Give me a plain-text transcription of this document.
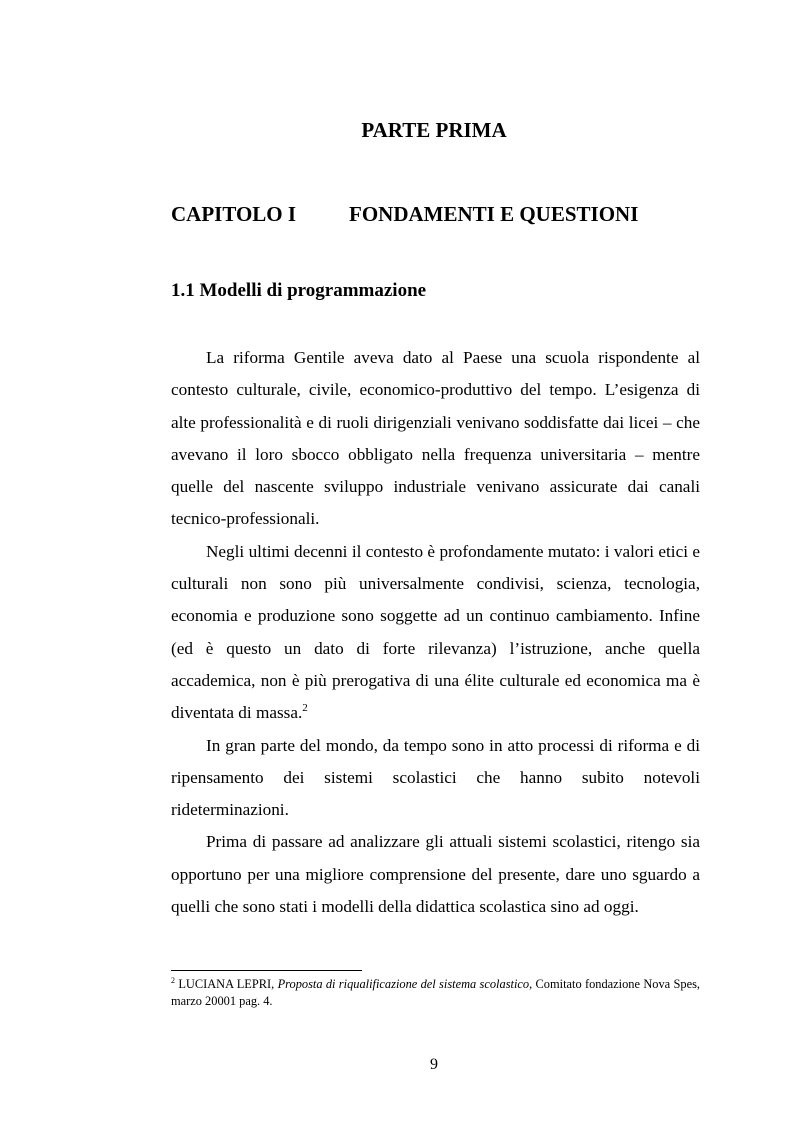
PARTE PRIMA
CAPITOLO I	FONDAMENTI E QUESTIONI
1.1 Modelli di programmazione

La riforma Gentile aveva dato al Paese una scuola rispondente al contesto culturale, civile, economico-produttivo del tempo. L’esigenza di alte professionalità e di ruoli dirigenziali venivano soddisfatte dai licei – che avevano il loro sbocco obbligato nella frequenza universitaria – mentre quelle del nascente sviluppo industriale venivano assicurate dai canali tecnico-professionali.

Negli ultimi decenni il contesto è profondamente mutato: i valori etici e culturali non sono più universalmente condivisi, scienza, tecnologia, economia e produzione sono soggette ad un continuo cambiamento. Infine (ed è questo un dato di forte rilevanza) l’istruzione, anche quella accademica, non è più prerogativa di una élite culturale ed economica ma è diventata di massa.$^2$

In gran parte del mondo, da tempo sono in atto processi di riforma e di ripensamento dei sistemi scolastici che hanno subito notevoli rideterminazioni.

Prima di passare ad analizzare gli attuali sistemi scolastici, ritengo sia opportuno per una migliore comprensione del presente, dare uno sguardo a quelli che sono stati i modelli della didattica scolastica sino ad oggi.

$^2$ LUCIANA LEPRI, Proposta di riqualificazione del sistema scolastico, Comitato fondazione Nova Spes, marzo 20001 pag. 4.

9
